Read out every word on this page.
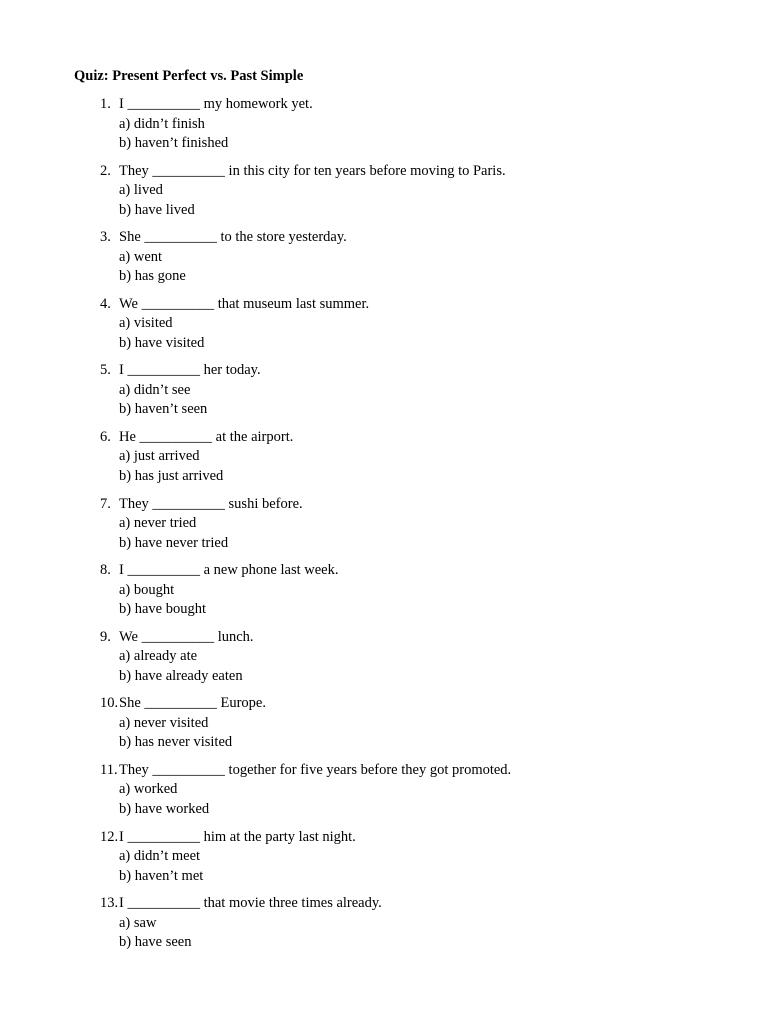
Quiz: Present Perfect vs. Past Simple
1. I __________ my homework yet.
a) didn’t finish
b) haven’t finished
2. They __________ in this city for ten years before moving to Paris.
a) lived
b) have lived
3. She __________ to the store yesterday.
a) went
b) has gone
4. We __________ that museum last summer.
a) visited
b) have visited
5. I __________ her today.
a) didn’t see
b) haven’t seen
6. He __________ at the airport.
a) just arrived
b) has just arrived
7. They __________ sushi before.
a) never tried
b) have never tried
8. I __________ a new phone last week.
a) bought
b) have bought
9. We __________ lunch.
a) already ate
b) have already eaten
10. She __________ Europe.
a) never visited
b) has never visited
11. They __________ together for five years before they got promoted.
a) worked
b) have worked
12. I __________ him at the party last night.
a) didn’t meet
b) haven’t met
13. I __________ that movie three times already.
a) saw
b) have seen
